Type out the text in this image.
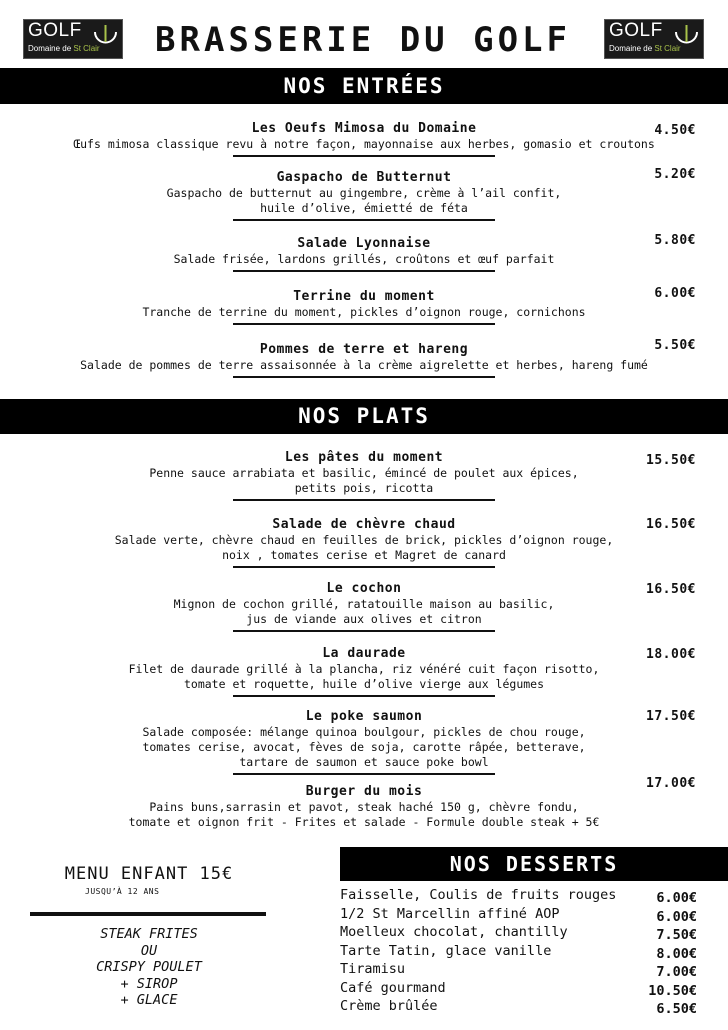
GOLF
Domaine de St Clair
GOLF
Domaine de St Clair
BRASSERIE DU GOLF
NOS ENTRÉES
Les Oeufs Mimosa du Domaine
Œufs mimosa classique revu à notre façon, mayonnaise aux herbes, gomasio et croutons
4.50€
Gaspacho de Butternut
Gaspacho de butternut au gingembre, crème à l’ail confit,
huile d’olive, émietté de féta
5.20€
Salade Lyonnaise
Salade frisée, lardons grillés, croûtons et œuf parfait
5.80€
Terrine du moment
Tranche de terrine du moment, pickles d’oignon rouge, cornichons
6.00€
Pommes de terre et hareng
Salade de pommes de terre assaisonnée à la crème aigrelette et herbes, hareng fumé
5.50€
NOS PLATS
Les pâtes du moment
Penne sauce arrabiata et basilic, émincé de poulet aux épices,
petits pois, ricotta
15.50€
Salade de chèvre chaud
Salade verte, chèvre chaud en feuilles de brick, pickles d’oignon rouge,
noix , tomates cerise et Magret de canard
16.50€
Le cochon
Mignon de cochon grillé, ratatouille maison au basilic,
jus de viande aux olives et citron
16.50€
La daurade
Filet de daurade grillé à la plancha, riz vénéré cuit façon risotto,
tomate et roquette, huile d’olive vierge aux légumes
18.00€
Le poke saumon
Salade composée: mélange quinoa boulgour, pickles de chou rouge,
tomates cerise, avocat, fèves de soja, carotte râpée, betterave,
tartare de saumon et sauce poke bowl
17.50€
Burger du mois
Pains buns,sarrasin et pavot, steak haché 150 g, chèvre fondu,
tomate et oignon frit - Frites et salade - Formule double steak + 5€
17.00€
MENU ENFANT 15€
JUSQU’À 12 ANS
STEAK FRITES
OU
CRISPY POULET
+ SIROP
+ GLACE
NOS DESSERTS
Faisselle, Coulis de fruits rouges	6.00€
1/2 St Marcellin affiné AOP	6.00€
Moelleux chocolat, chantilly	7.50€
Tarte Tatin, glace vanille	8.00€
Tiramisu	7.00€
Café gourmand	10.50€
Crème brûlée	6.50€
